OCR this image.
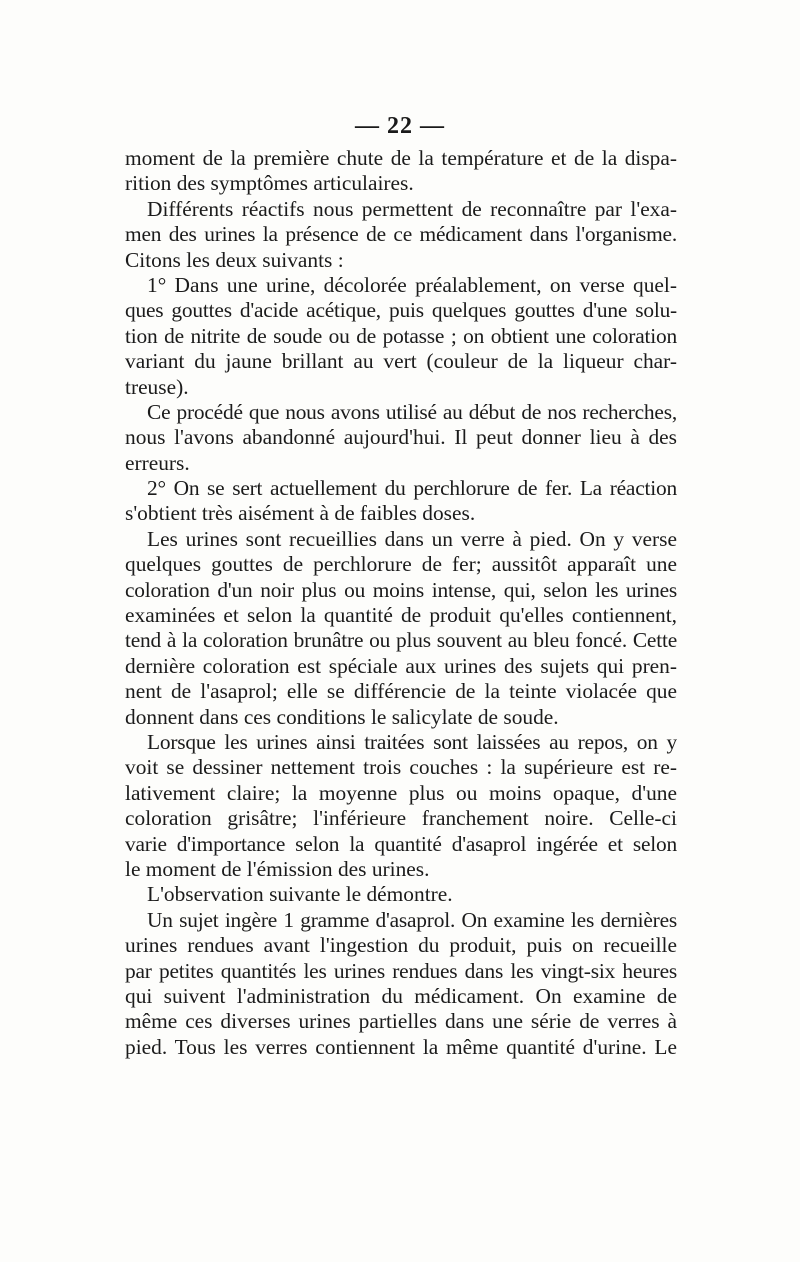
— 22 —
moment de la première chute de la température et de la dispa-
rition des symptômes articulaires.
Différents réactifs nous permettent de reconnaître par l'exa-
men des urines la présence de ce médicament dans l'organisme.
Citons les deux suivants :
1° Dans une urine, décolorée préalablement, on verse quel-
ques gouttes d'acide acétique, puis quelques gouttes d'une solu-
tion de nitrite de soude ou de potasse ; on obtient une coloration
variant du jaune brillant au vert (couleur de la liqueur char-
treuse).
Ce procédé que nous avons utilisé au début de nos recherches,
nous l'avons abandonné aujourd'hui. Il peut donner lieu à des
erreurs.
2° On se sert actuellement du perchlorure de fer. La réaction
s'obtient très aisément à de faibles doses.
Les urines sont recueillies dans un verre à pied. On y verse
quelques gouttes de perchlorure de fer; aussitôt apparaît une
coloration d'un noir plus ou moins intense, qui, selon les urines
examinées et selon la quantité de produit qu'elles contiennent,
tend à la coloration brunâtre ou plus souvent au bleu foncé. Cette
dernière coloration est spéciale aux urines des sujets qui pren-
nent de l'asaprol; elle se différencie de la teinte violacée que
donnent dans ces conditions le salicylate de soude.
Lorsque les urines ainsi traitées sont laissées au repos, on y
voit se dessiner nettement trois couches : la supérieure est re-
lativement claire; la moyenne plus ou moins opaque, d'une
coloration grisâtre; l'inférieure franchement noire. Celle-ci
varie d'importance selon la quantité d'asaprol ingérée et selon
le moment de l'émission des urines.
L'observation suivante le démontre.
Un sujet ingère 1 gramme d'asaprol. On examine les dernières
urines rendues avant l'ingestion du produit, puis on recueille
par petites quantités les urines rendues dans les vingt-six heures
qui suivent l'administration du médicament. On examine de
même ces diverses urines partielles dans une série de verres à
pied. Tous les verres contiennent la même quantité d'urine. Le
